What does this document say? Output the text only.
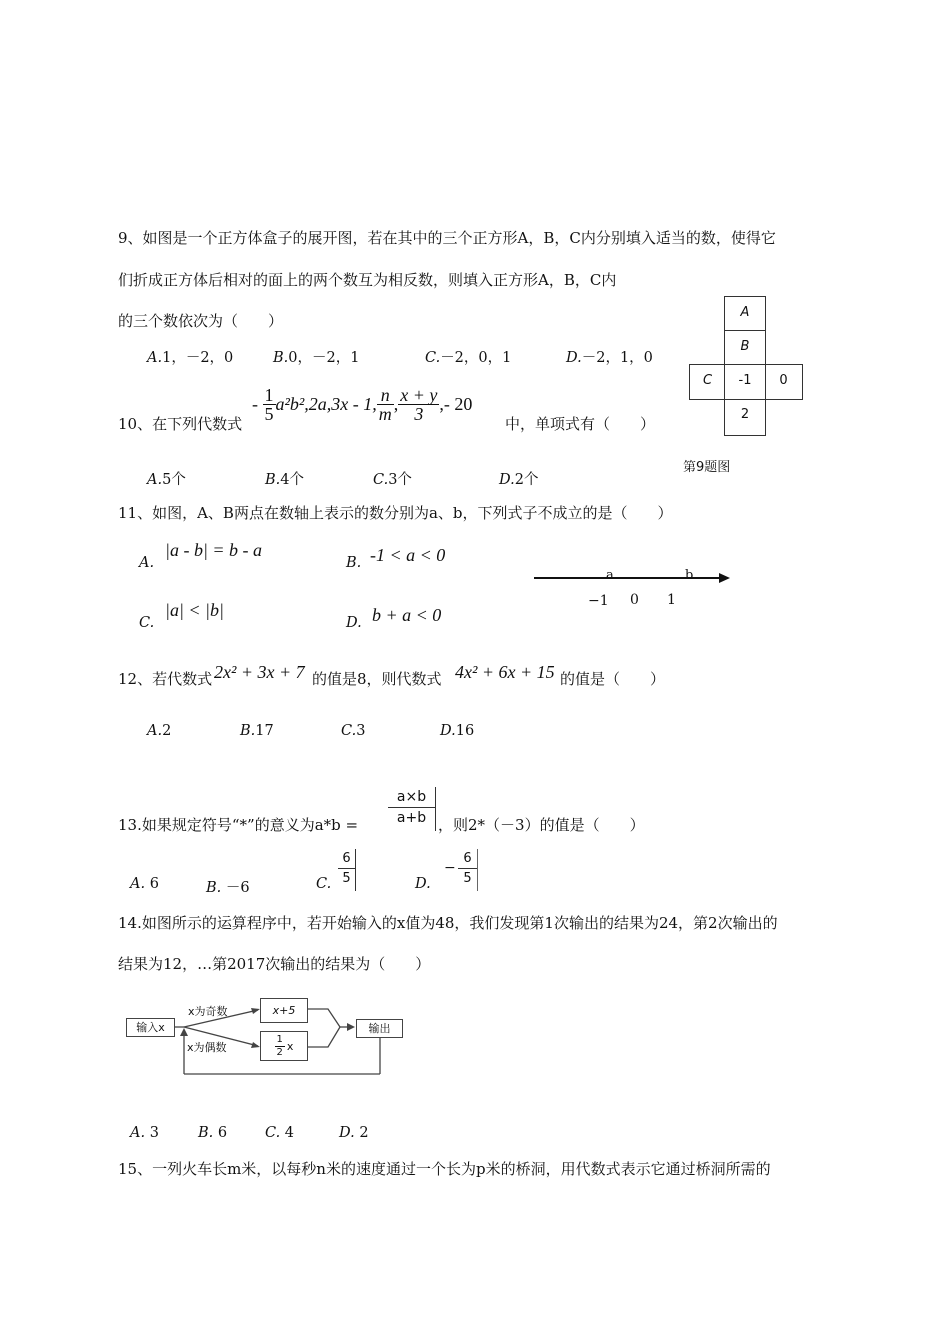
9、如图是一个正方体盒子的展开图，若在其中的三个正方形A，B，C内分别填入适当的数，使得它
们折成正方体后相对的面上的两个数互为相反数，则填入正方形A，B，C内
的三个数依次为（　　）
A.1，－2，0	B.0，－2，1	C.－2，0，1	D.－2，1，0
A
B
C	-1	0
2
第9题图
10、在下列代数式
-
$\frac{1}{5} a^2b^2,2a,3x - 1$, $\frac{n}{m}$ , $\frac{x + y}{3}$ ,- 20
中，单项式有（　　）
A.5个	B.4个	C.3个	D.2个
11、如图，A、B两点在数轴上表示的数分别为a、b，下列式子不成立的是（　　）
A.
|a - b| = b - a
B. -1 < a < 0
C.
|a| < |b|
D. b + a < 0
a	b
−1 0 1
12、若代数式 2x² + 3x + 7 的值是8，则代数式 4x² + 6x + 15 的值是（　　）
A.2	B.17	C.3	D.16
13.如果规定符号“*”的意义为a*b =
a×b
a+b ，则2*（－3）的值是（　　）
A. 6	B. －6	C.
6
5	D.
−
6
5
14.如图所示的运算程序中，若开始输入的x值为48，我们发现第1次输出的结果为24，第2次输出的
结果为12，…第2017次输出的结果为（　　）
输入x
x为奇数
x为偶数
x+5
$\frac{1}{2}$ x
输出
A. 3	B. 6	C. 4	D. 2
15、一列火车长m米，以每秒n米的速度通过一个长为p米的桥洞，用代数式表示它通过桥洞所需的
